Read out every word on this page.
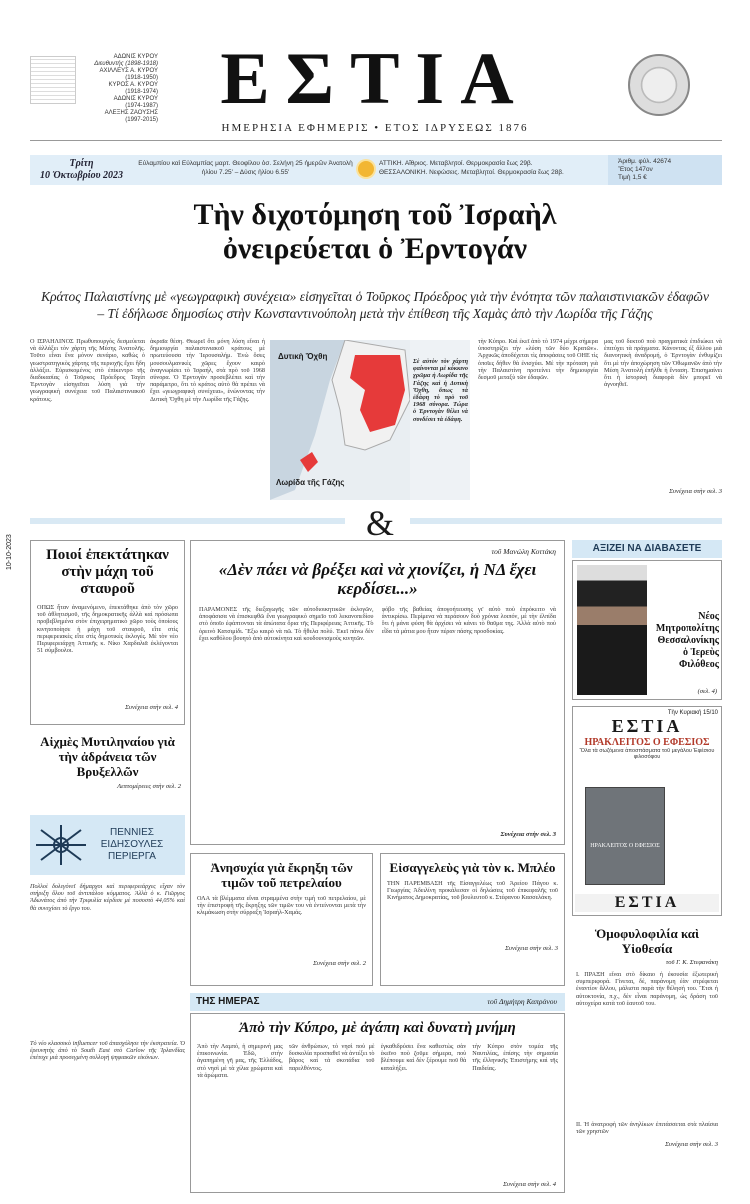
ΑΔΩΝΙΣ ΚΥΡΟΥ
Διευθυντής (1898-1918)
ΑΧΙΛΛΕΥΣ Α. ΚΥΡΟΥ
(1918-1950)
ΚΥΡΟΣ Α. ΚΥΡΟΥ
(1918-1974)
ΑΔΩΝΙΣ ΚΥΡΟΥ
(1974-1987)
ΑΛΕΞΗΣ ΖΑΟΥΣΗΣ
(1997-2015) ΕΣΤΙΑ
ΗΜΕΡΗΣΙΑ ΕΦΗΜΕΡΙΣ • ΕΤΟΣ ΙΔΡΥΣΕΩΣ 1876
Τρίτη
10 Ὀκτωβρίου 2023
Εὐλαμπίου καὶ Εὐλαμπίας μαρτ. Θεοφίλου ὁσ. Σελήνη 25 ἡμερῶν Ἀνατολὴ ἡλίου 7.25' – Δύσις ἡλίου 6.55'
ΑΤΤΙΚΗ. Αἴθριος. Μεταβλητοί. Θερμοκρασία ἕως 29β.
ΘΕΣΣΑΛΟΝΙΚΗ. Νεφώσεις. Μεταβλητοί. Θερμοκρασία ἕως 28β.
Ἀριθμ. φύλ. 42674
Ἔτος 147ον
Τιμὴ 1,5 €
Τὴν διχοτόμηση τοῦ Ἰσραὴλ
ὀνειρεύεται ὁ Ἐρντογάν
Κράτος Παλαιστίνης μὲ «γεωγραφικὴ συνέχεια» εἰσηγεῖται ὁ Τοῦρκος Πρόεδρος γιὰ τὴν ἑνότητα τῶν παλαιστινιακῶν ἐδαφῶν – Τί ἐδήλωσε δημοσίως στὴν Κωνσταντινούπολη μετὰ τὴν ἐπίθεση τῆς Χαμὰς ἀπὸ τὴν Λωρίδα τῆς Γάζης
Ο ΙΣΡΑΗΛΙΝΟΣ Πρωθυπουργὸς δεσμεύεται νὰ ἀλλάξει τὸν χάρτη τῆς Μέσης Ἀνατολῆς. Τοῦτο εἶναι ἕνα μόνον σενάριο, καθὼς ὁ γεωστρατηγικὸς χάρτης τῆς περιοχῆς ἔχει ἤδη ἀλλάξει. Εὐρισκομένος στὸ ἐπίκεντρο τῆς διαδικασίας ὁ Τοῦρκος Πρόεδρος Ταγίπ Ἐρντογὰν εἰσηγεῖται λύση γιὰ τὴν γεωγραφικὴ συνέχεια τοῦ Παλαιστινιακοῦ κράτους.
ἀκραῖα θέση. Θεωρεῖ ὅτι μόνη λύση εἶναι ἡ δημιουργία παλαιστινιακοῦ κράτους μὲ πρωτεύουσα τὴν Ἱερουσαλήμ. Ἑνὼ ὅσες μουσουλμανικὲς χῶρες ἔχουν καιρὸ ἀναγνωρίσει τὸ Ἰσραήλ, στὰ πρὸ τοῦ 1968 σύνορα. Ὁ Ἐρντογὰν προσεβλέπει καὶ τὴν παράμετρο, ὅτι τὸ κράτος αὐτὸ θὰ πρέπει νὰ ἔχει «γεωγραφικὴ συνέχεια», ἑνώνοντας τὴν Δυτικὴ Ὄχθη μὲ τὴν Λωρίδα τῆς Γάζης.
Δυτικὴ Ὄχθη
Λωρίδα τῆς Γάζης
Σὲ αὐτὸν τὸν χάρτη φαίνονται μὲ κόκκινο χρῶμα ἡ Λωρίδα τῆς Γάζης καὶ ἡ Δυτικὴ Ὄχθη, ὅπως τὰ ἐδάφη τὸ πρὸ τοῦ 1968 σύνορα. Τώρα ὁ Ἐρντογὰν θέλει νὰ συνδέσει τὰ ἐδάφη.
τὴν Κύπρο. Καὶ ἐκεῖ ἀπὸ τὸ 1974 μέχρι σήμερα ὑποστηρίζει τὴν «λύση τῶν δύο Κρατῶν». Ἀρχικῶς ἀποδέχεται τὶς ἀποφάσεις τοῦ ΟΗΕ τὶς ὁποῖες δήθεν θὰ ἐνισχύει. Μὲ τὴν πρόταση γιὰ τὴν Παλαιστίνη προτείνει τὴν δημιουργία δεσμοῦ μεταξὺ τῶν ἐδαφῶν.
μας τοῦ δεκτοῦ ποὺ πραγματικὰ ἐπιδιώκει νὰ ἐπιτύχει τὰ πράγματα. Κάνοντας ἐξ ἄλλου μιὰ διανοητικὴ ἀναδρομή, ὁ Ἐρντογὰν ἐνθυμίζει ὅτι μὲ τὴν ἀποχώρηση τῶν Ὀθωμανῶν ἀπὸ τὴν Μέση Ἀνατολὴ ἐπῆλθε ἡ ἔνταση. Ἐπισημαίνει ὅτι ἡ ἱστορικὴ διαφορὰ δὲν μπορεῖ νὰ ἀγνοηθεῖ.
Συνέχεια στὴν σελ. 3
&
Ποιοί ἐπεκτάτηκαν στὴν μάχη τοῦ σταυροῦ
ΟΠΩΣ ἦταν ἀναμενόμενο, ἐπεκτάθηκε ἀπὸ τὸν χῶρο τοῦ ἀθλητισμοῦ, τῆς δημοκρατικῆς ἀλλὰ καὶ πρόσωπα προβεβλημένα στὸν ἐπιχειρηματικὸ χῶρο τοὺς ὁποίους κινητοποίησε ἡ μάχη τοῦ σταυροῦ, εἴτε στὶς περιφερειακὲς εἴτε στὶς δημοτικὲς ἐκλογές. Μὲ τὸν νέο Περιφερειάρχη Ἀττικῆς κ. Νίκο Χαρδαλιᾶ ἐκλέγονται 51 σύμβουλοι.
Συνέχεια στὴν σελ. 4
Αἰχμὲς Μυτιληναίου γιὰ τὴν ἀδράνεια τῶν Βρυξελλῶν
Λεπτομέρειες στὴν σελ. 2
ΠΕΝΝΙΕΣ ΕΙΔΗΣΟΥΛΕΣ ΠΕΡΙΕΡΓΑ
Πολλοὶ δολεγόνεῖ δήμαρχοι καὶ περιφερειάρχες εἶχαν τὸν στήριξη ὅλου τοῦ ἀντιπάλου κόμματος. Ἀλλὰ ὁ κ. Γιῶργος Ἀδωνάτος ἀπὸ τὴν Τριφυλία κέρδισε μὲ ποσοστὸ 44,05% καὶ θὰ συνεχίσει τὸ ἔργο του.
Τὸ νέο κλασσικὸ influencer τοῦ ἀπασχόλησε τὴν ἐκστρατεία. Ὁ ἐρευνητὴς ἀπὸ τὸ South East στὸ Carlow τῆς Ἰρλανδίας ἐπέτυχε μιὰ προσεγμένη συλλογὴ ψηφιακῶν εἰκόνων.
10-10-2023	τοῦ Μανώλη Κοττάκη
«Δὲν πάει νὰ βρέξει καὶ νὰ χιονίζει, ἡ ΝΔ ἔχει κερδίσει...»
ΠΑΡΑΜΟΝΕΣ τῆς διεξαγωγῆς τῶν αὐτοδιοικητικῶν ἐκλογῶν, ἀποφάσισα νὰ ἐπισκεφθῶ ἕνα γεωγραφικὸ σημεῖο τοῦ λεκανοπεδίου στὸ ὁποῖο ἐφάπτονται τὰ ἀπώτατα ὅρια τῆς Περιφέρειας Ἀττικῆς. Τὸ ὀρεινὸ Κατσιμίδι. Ἔξω καιρὸ νὰ πῶ. Τὸ ἤθελα πολύ. Ἐκεῖ πάνω δὲν ἔχει καθόλου βουητὸ ἀπὸ αὐτοκίνητα καὶ κουδουνισμοὺς κινητῶν.
φόβο τῆς βαθείας ἀπογοήτευσης γι' αὐτὸ ποὺ ἐπρόκειτο νὰ ἀντικρίσω. Περίμενα νὰ περάσουν δυὸ χρόνια λοιπόν, μὲ τὴν ἐλπίδα ὅτι ἡ μάνα φύση θὰ ἀρχίσει νὰ κάνει τὸ θαῦμα της. Ἀλλὰ αὐτὸ ποὺ εἶδα τὰ μάτια μου ἦταν πέραν πάσης προσδοκίας.
Συνέχεια στὴν σελ. 3
Ἀνησυχία γιὰ ἔκρηξη τῶν τιμῶν τοῦ πετρελαίου
ΟΛΑ τὰ βλέμματα εἶναι στραμμένα στὴν τιμὴ τοῦ πετρελαίου, μὲ τὴν ἐπιστροφὴ τῆς ἔκρηξης τῶν τιμῶν του νὰ ἐντείνονται μετὰ τὴν κλιμάκωση στὴν σύρραξη Ἰσραὴλ-Χαμάς.
Συνέχεια στὴν σελ. 2
Εἰσαγγελεὺς γιὰ τὸν κ. Μπλέο
ΤΗΝ ΠΑΡΕΜΒΑΣΗ τῆς Εἰσαγγελέως τοῦ Ἀρείου Πάγου κ. Γεωργίας Ἀδειλίνη προκάλεσαν οἱ δηλώσεις τοῦ ἐπικεφαλῆς τοῦ Κινήματος Δημοκρατίας, τοῦ βουλευτοῦ κ. Στέφανου Κασσελάκη.
Συνέχεια στὴν σελ. 3
ΤΗΣ ΗΜΕΡΑΣ	τοῦ Δημήτρη Καπράνου
Ἀπὸ τὴν Κύπρο, μὲ ἀγάπη καὶ δυνατὴ μνήμη
Ἀπὸ τὴν Λαμπό, ἡ σημερινὴ μας ἐπικοινωνία. Ἐδῶ, στὴν ἀγαπημένη γῆ μας, τῆς Ἑλλάδος, στὸ νησὶ μὲ τὰ χίλια χρώματα καὶ τὰ ἀρώματα.
τῶν ἀνθρώπων, τὸ νησὶ ποὺ μὲ δυσκολία προσπαθεῖ νὰ ἀντέξει τὸ βάρος καὶ τὰ σκοτάδια τοῦ παρελθόντος.
ἐγκαθιδρύσει ἕνα καθεστὼς σὰν ἐκεῖνο ποὺ ζοῦμε σήμερα, ποὺ βλέπουμε καὶ δὲν ξέρουμε ποῦ θὰ καταλήξει.
τὴν Κύπρο στὸν τομέα τῆς Ναυτιλίας, ἐπίσης τὴν σημασία τῆς ἐλληνικῆς Ἐπιστήμης καὶ τῆς Παιδείας.
Συνέχεια στὴν σελ. 4
ΑΞΙΖΕΙ ΝΑ ΔΙΑΒΑΣΕΤΕ
Νέος Μητροπολίτης Θεσσαλονίκης ὁ Ἱερεὺς Φιλόθεος
(σελ. 4)
Τὴν Κυριακή 15/10
ΕΣΤΙΑ
ΗΡΑΚΛΕΙΤΟΣ Ο ΕΦΕΣΙΟΣ
Ὅλα τὰ σωζόμενα ἀποσπάσματα τοῦ μεγάλου Ἐφέσιου φιλοσόφου
ΗΡΑΚΛΕΙΤΟΣ Ο ΕΦΕΣΙΟΣ
ΕΣΤΙΑ
Ὁμοφυλοφιλία καὶ Υἱοθεσία
τοῦ Γ. Κ. Στεφανάκη
Ι. ΠΡΑΞΗ εἶναι στὸ δίκαιο ἡ ἐκουσία ἐξωτερικὴ συμπεριφορά. Γίνεται, δέ, παράνομη ἐὰν στρέφεται ἐναντίον ἄλλου, μάλιστα παρὰ τὴν θέλησή του. Ἔτσι ἡ αὐτοκτονία, π.χ., δὲν εἶναι παράνομη, ὡς δράση τοῦ αὐτοχείρα κατὰ τοῦ ἑαυτοῦ του.
ΙΙ. Ἡ ἀνατροφὴ τῶν ἀνηλίκων ἐπιτάσσεται στὰ πλαίσια τῶν χρηστῶν
Συνέχεια στὴν σελ. 3
